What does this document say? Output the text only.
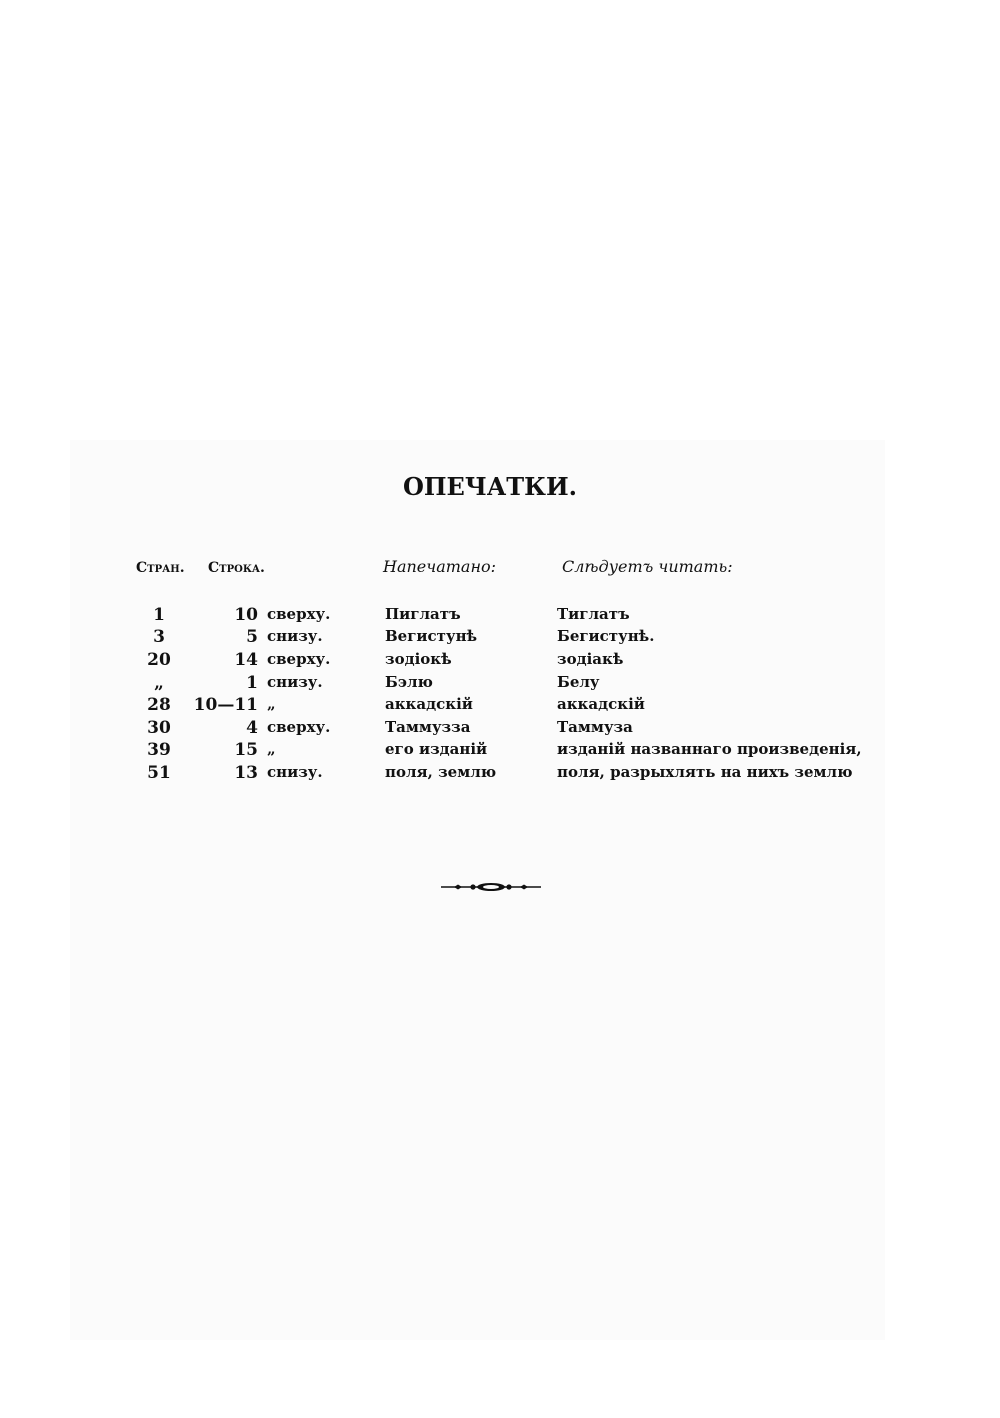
ОПЕЧАТКИ.
Стран. Строка.	Напечатано:	Слѣдуетъ читать:
1	10 сверху.	Пиглатъ	Тиглатъ
3	5 снизу.	Вегистунѣ	Бегистунѣ.
20	14 сверху.	зодіокѣ	зодіакѣ
„	1 снизу.	Бэлю	Белу
28	10—11 „	аккадскій	аккадскій
30	4 сверху.	Таммузза	Таммуза
39	15 „	его изданій	изданій названнаго произведенія,
51	13 снизу.	поля, землю	поля, разрыхлять на нихъ землю
